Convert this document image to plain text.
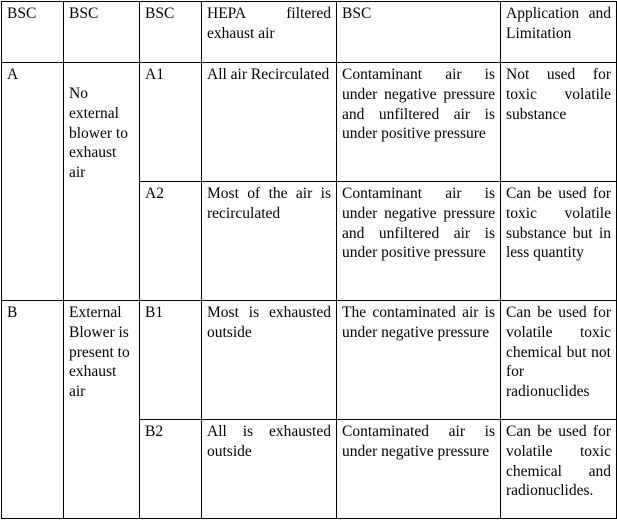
BSC	BSC	BSC	HEPA filtered exhaust air	BSC	Application and Limitation
A	No external blower to exhaust air	A1	All air Recirculated	Contaminant air is under negative pressure and unfiltered air is under positive pressure	Not used for toxic volatile substance
		A2	Most of the air is recirculated	Contaminant air is under negative pressure and unfiltered air is under positive pressure	Can be used for toxic volatile substance but in less quantity
B	External Blower is present to exhaust air	B1	Most is exhausted outside	The contaminated air is under negative pressure	Can be used for volatile toxic chemical but not for radionuclides
		B2	All is exhausted outside	Contaminated air is under negative pressure	Can be used for volatile toxic chemical and radionuclides.
